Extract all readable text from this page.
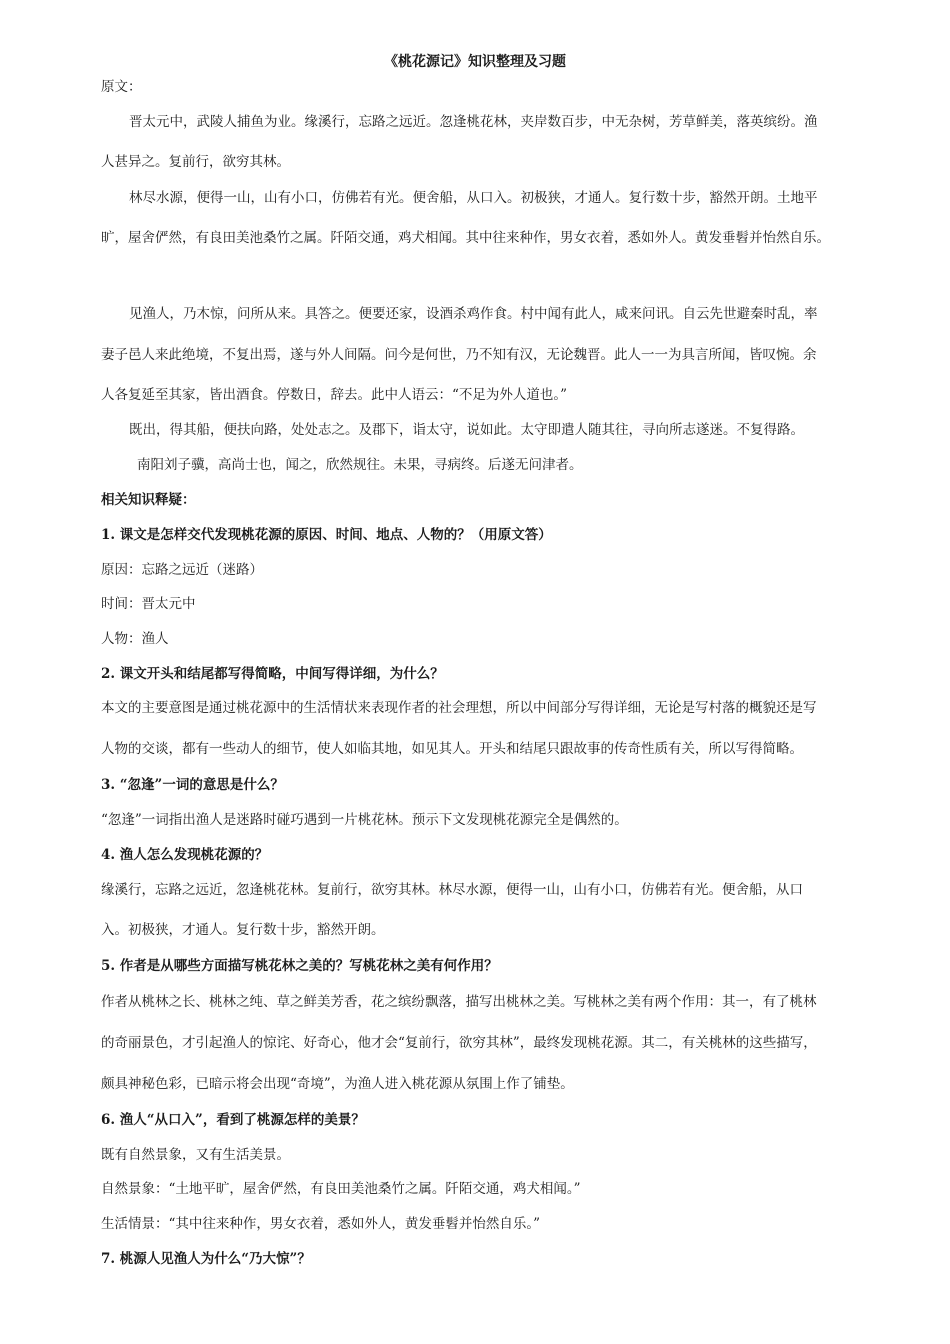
《桃花源记》知识整理及习题
原文：
晋太元中，武陵人捕鱼为业。缘溪行，忘路之远近。忽逢桃花林，夹岸数百步，中无杂树，芳草鲜美，落英缤纷。渔
人甚异之。复前行，欲穷其林。
林尽水源，便得一山，山有小口，仿佛若有光。便舍船，从口入。初极狭，才通人。复行数十步，豁然开朗。土地平
旷，屋舍俨然，有良田美池桑竹之属。阡陌交通，鸡犬相闻。其中往来种作，男女衣着，悉如外人。黄发垂髫并怡然自乐。
见渔人，乃木惊，问所从来。具答之。便要还家，设酒杀鸡作食。村中闻有此人，咸来问讯。自云先世避秦时乱，率
妻子邑人来此绝境，不复出焉，遂与外人间隔。问今是何世，乃不知有汉，无论魏晋。此人一一为具言所闻，皆叹惋。余
人各复延至其家，皆出酒食。停数日，辞去。此中人语云：“不足为外人道也。”
既出，得其船，便扶向路，处处志之。及郡下，诣太守，说如此。太守即遣人随其往，寻向所志遂迷。不复得路。
南阳刘子骥，高尚士也，闻之，欣然规往。未果，寻病终。后遂无问津者。
相关知识释疑：
1. 课文是怎样交代发现桃花源的原因、时间、地点、人物的？（用原文答）
原因：忘路之远近（迷路）
时间：晋太元中
人物：渔人
2. 课文开头和结尾都写得简略，中间写得详细，为什么？
本文的主要意图是通过桃花源中的生活情状来表现作者的社会理想，所以中间部分写得详细，无论是写村落的概貌还是写
人物的交谈，都有一些动人的细节，使人如临其地，如见其人。开头和结尾只跟故事的传奇性质有关，所以写得简略。
3. “忽逢”一词的意思是什么？
“忽逢”一词指出渔人是迷路时碰巧遇到一片桃花林。预示下文发现桃花源完全是偶然的。
4. 渔人怎么发现桃花源的？
缘溪行，忘路之远近，忽逢桃花林。复前行，欲穷其林。林尽水源，便得一山，山有小口，仿佛若有光。便舍船，从口
入。初极狭，才通人。复行数十步，豁然开朗。
5. 作者是从哪些方面描写桃花林之美的？写桃花林之美有何作用？
作者从桃林之长、桃林之纯、草之鲜美芳香，花之缤纷飘落，描写出桃林之美。写桃林之美有两个作用：其一，有了桃林
的奇丽景色，才引起渔人的惊诧、好奇心，他才会“复前行，欲穷其林”，最终发现桃花源。其二，有关桃林的这些描写，
颇具神秘色彩，已暗示将会出现“奇境”，为渔人进入桃花源从氛围上作了铺垫。
6. 渔人“从口入”，看到了桃源怎样的美景？
既有自然景象，又有生活美景。
自然景象：“土地平旷，屋舍俨然，有良田美池桑竹之属。阡陌交通，鸡犬相闻。”
生活情景：“其中往来种作，男女衣着，悉如外人，黄发垂髫并怡然自乐。”
7. 桃源人见渔人为什么“乃大惊”？
